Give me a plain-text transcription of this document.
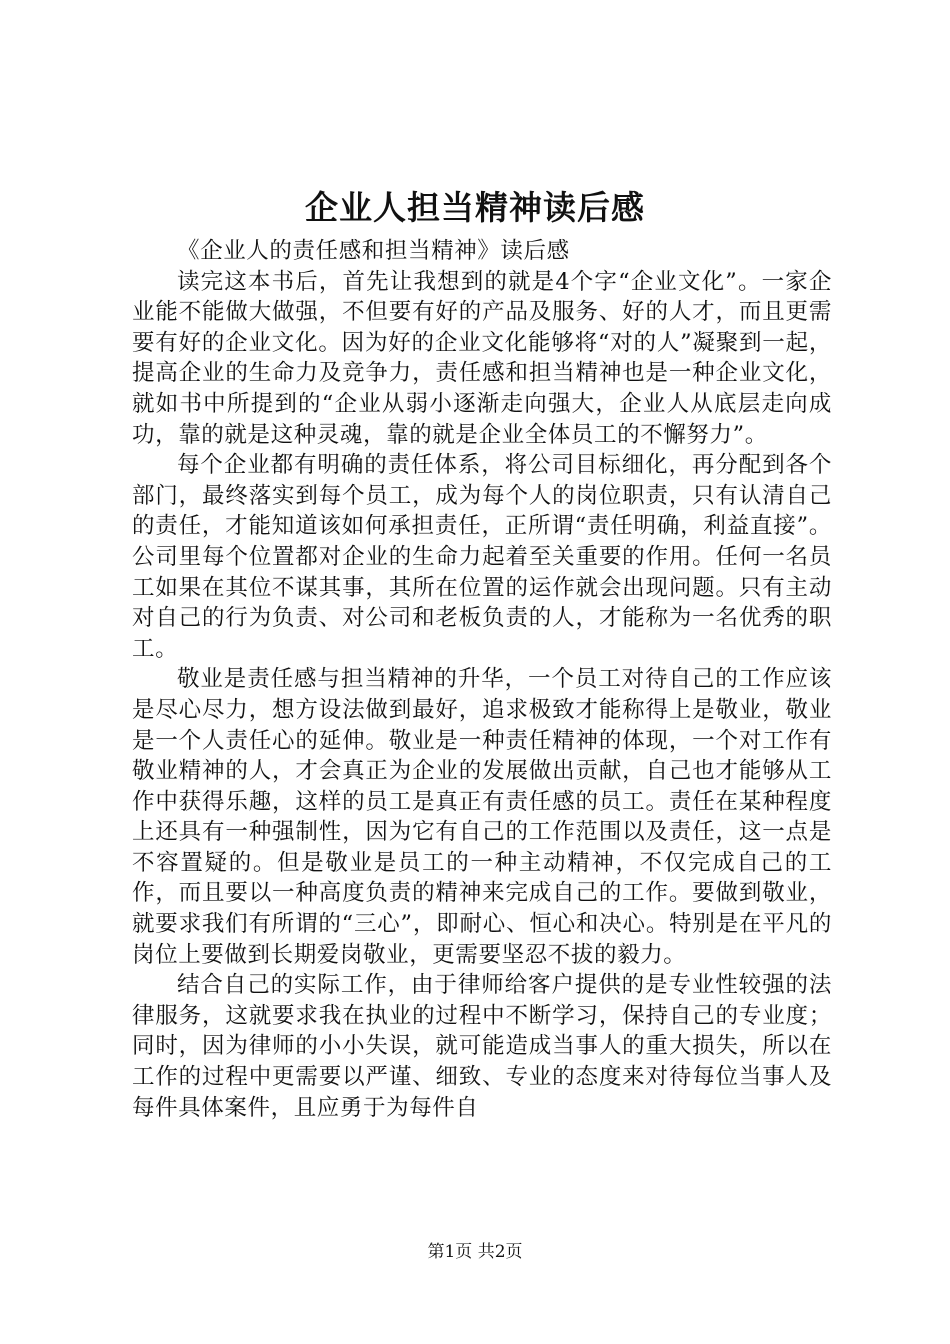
企业人担当精神读后感

《企业人的责任感和担当精神》读后感

读完这本书后，首先让我想到的就是4个字“企业文化”。一家企业能不能做大做强，不但要有好的产品及服务、好的人才，而且更需要有好的企业文化。因为好的企业文化能够将“对的人”凝聚到一起，提高企业的生命力及竞争力，责任感和担当精神也是一种企业文化，就如书中所提到的“企业从弱小逐渐走向强大，企业人从底层走向成功，靠的就是这种灵魂，靠的就是企业全体员工的不懈努力”。

每个企业都有明确的责任体系，将公司目标细化，再分配到各个部门，最终落实到每个员工，成为每个人的岗位职责，只有认清自己的责任，才能知道该如何承担责任，正所谓“责任明确，利益直接”。公司里每个位置都对企业的生命力起着至关重要的作用。任何一名员工如果在其位不谋其事，其所在位置的运作就会出现问题。只有主动对自己的行为负责、对公司和老板负责的人，才能称为一名优秀的职工。

敬业是责任感与担当精神的升华，一个员工对待自己的工作应该是尽心尽力，想方设法做到最好，追求极致才能称得上是敬业，敬业是一个人责任心的延伸。敬业是一种责任精神的体现，一个对工作有敬业精神的人，才会真正为企业的发展做出贡献，自己也才能够从工作中获得乐趣，这样的员工是真正有责任感的员工。责任在某种程度上还具有一种强制性，因为它有自己的工作范围以及责任，这一点是不容置疑的。但是敬业是员工的一种主动精神，不仅完成自己的工作，而且要以一种高度负责的精神来完成自己的工作。要做到敬业，就要求我们有所谓的“三心”，即耐心、恒心和决心。特别是在平凡的岗位上要做到长期爱岗敬业，更需要坚忍不拔的毅力。

结合自己的实际工作，由于律师给客户提供的是专业性较强的法律服务，这就要求我在执业的过程中不断学习，保持自己的专业度；同时，因为律师的小小失误，就可能造成当事人的重大损失，所以在工作的过程中更需要以严谨、细致、专业的态度来对待每位当事人及每件具体案件，且应勇于为每件自

第1页 共2页
